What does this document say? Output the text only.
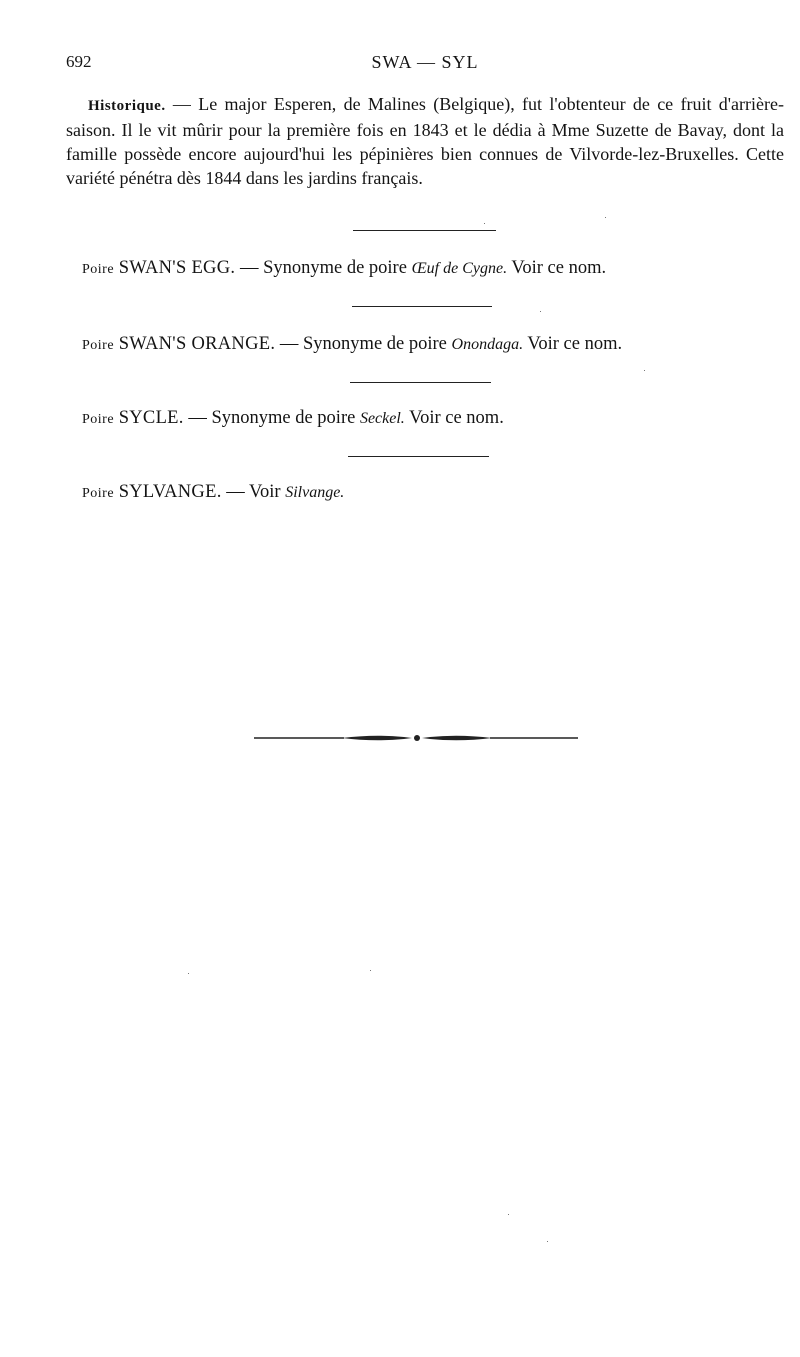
692	SWA — SYL
Historique. — Le major Esperen, de Malines (Belgique), fut l'obtenteur de ce fruit d'arrière-saison. Il le vit mûrir pour la première fois en 1843 et le dédia à Mme Suzette de Bavay, dont la famille possède encore aujourd'hui les pépinières bien connues de Vilvorde-lez-Bruxelles. Cette variété pénétra dès 1844 dans les jardins français.
Poire SWAN'S EGG. — Synonyme de poire Œuf de Cygne. Voir ce nom.
Poire SWAN'S ORANGE. — Synonyme de poire Onondaga. Voir ce nom.
Poire SYCLE. — Synonyme de poire Seckel. Voir ce nom.
Poire SYLVANGE. — Voir Silvange.
